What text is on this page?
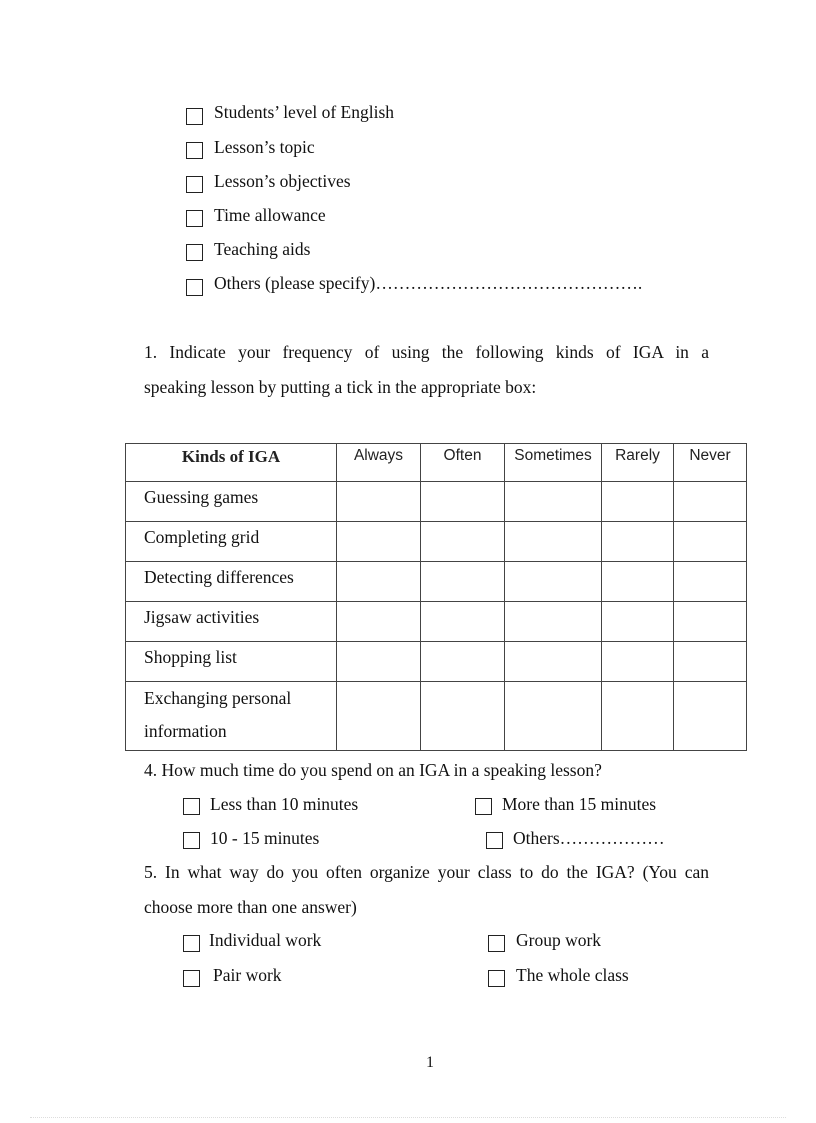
Students’ level of English
Lesson’s topic
Lesson’s objectives
Time allowance
Teaching aids
Others (please specify)……………………………………….
1. Indicate your frequency of using the following kinds of IGA in a
speaking lesson by putting a tick in the appropriate box:
Kinds of IGA	Always	Often	Sometimes	Rarely	Never
Guessing games					
Completing grid					
Detecting differences					
Jigsaw activities					
Shopping list					

Exchanging personal
information					

4. How much time do you spend on an IGA in a speaking lesson?
Less than 10 minutes	More than 15 minutes
10 - 15 minutes	Others………………
5. In what way do you often organize your class to do the IGA? (You can
choose more than one answer)
Individual work	Group work
Pair work	The whole class
1
